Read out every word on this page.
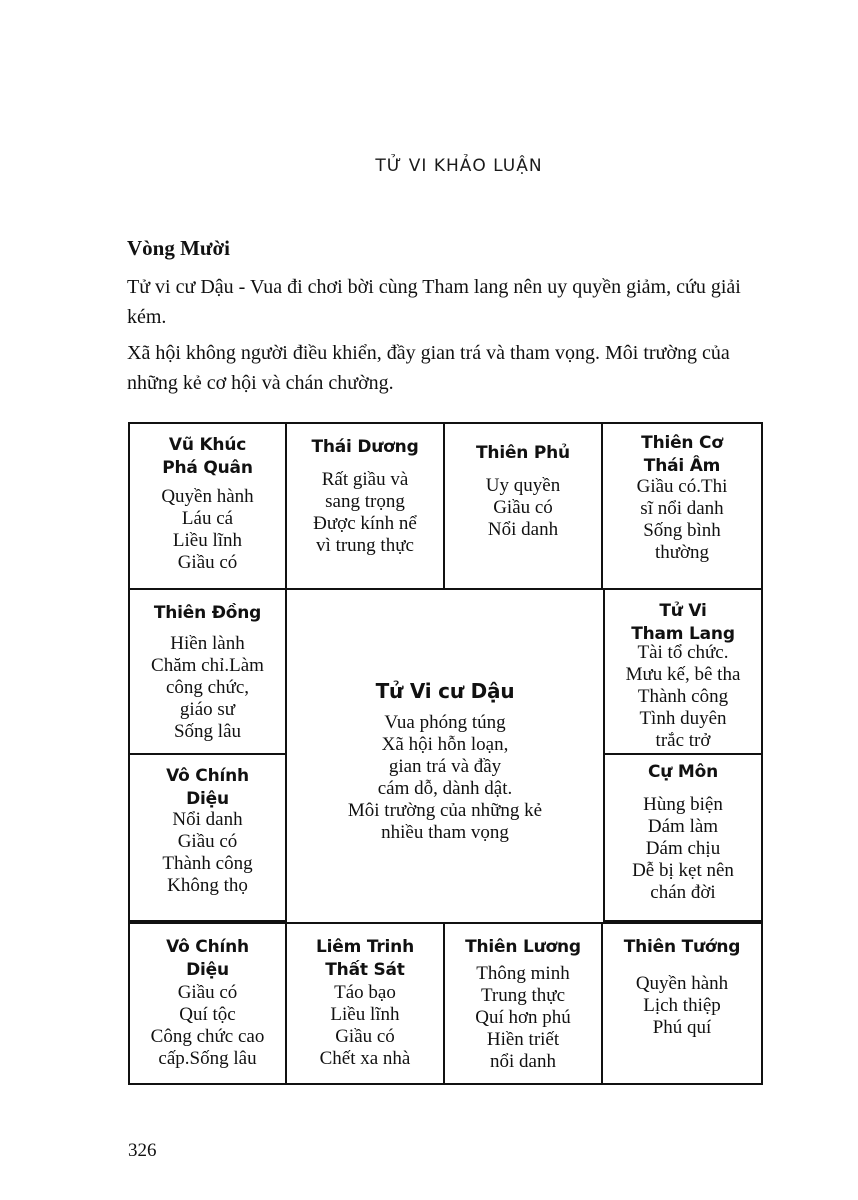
TỬ VI KHẢO LUẬN
Vòng Mười
Tử vi cư Dậu - Vua đi chơi bời cùng Tham lang nên uy quyền giảm, cứu giải kém.
Xã hội không người điều khiển, đầy gian trá và tham vọng. Môi trường của những kẻ cơ hội và chán chường.

Vũ Khúc

Phá Quân

Quyền hành

Láu cá

Liều lĩnh

Giầu có

Thái Dương

Rất giầu và

sang trọng

Được kính nể

vì trung thực

Thiên Phủ

Uy quyền

Giầu có

Nổi danh

Thiên Cơ

Thái Âm

Giầu có.Thi

sĩ nổi danh

Sống bình

thường

Thiên Đồng

Hiền lành

Chăm chỉ.Làm

công chức,

giáo sư

Sống lâu

Tử Vi

Tham Lang

Tài tổ chức.

Mưu kế, bê tha

Thành công

Tình duyên

trắc trở

Tử Vi cư Dậu

Vua phóng túng

Xã hội hỗn loạn,

gian trá và đầy

cám dỗ, dành dật.

Môi trường của những kẻ

nhiều tham vọng

Vô Chính

Diệu

Nổi danh

Giầu có

Thành công

Không thọ

Cự Môn

Hùng biện

Dám làm

Dám chịu

Dễ bị kẹt nên

chán đời

Vô Chính

Diệu

Giầu có

Quí tộc

Công chức cao

cấp.Sống lâu

Liêm Trinh

Thất Sát

Táo bạo

Liều lĩnh

Giầu có

Chết xa nhà

Thiên Lương

Thông minh

Trung thực

Quí hơn phú

Hiền triết

nổi danh

Thiên Tướng

Quyền hành

Lịch thiệp

Phú quí

326
